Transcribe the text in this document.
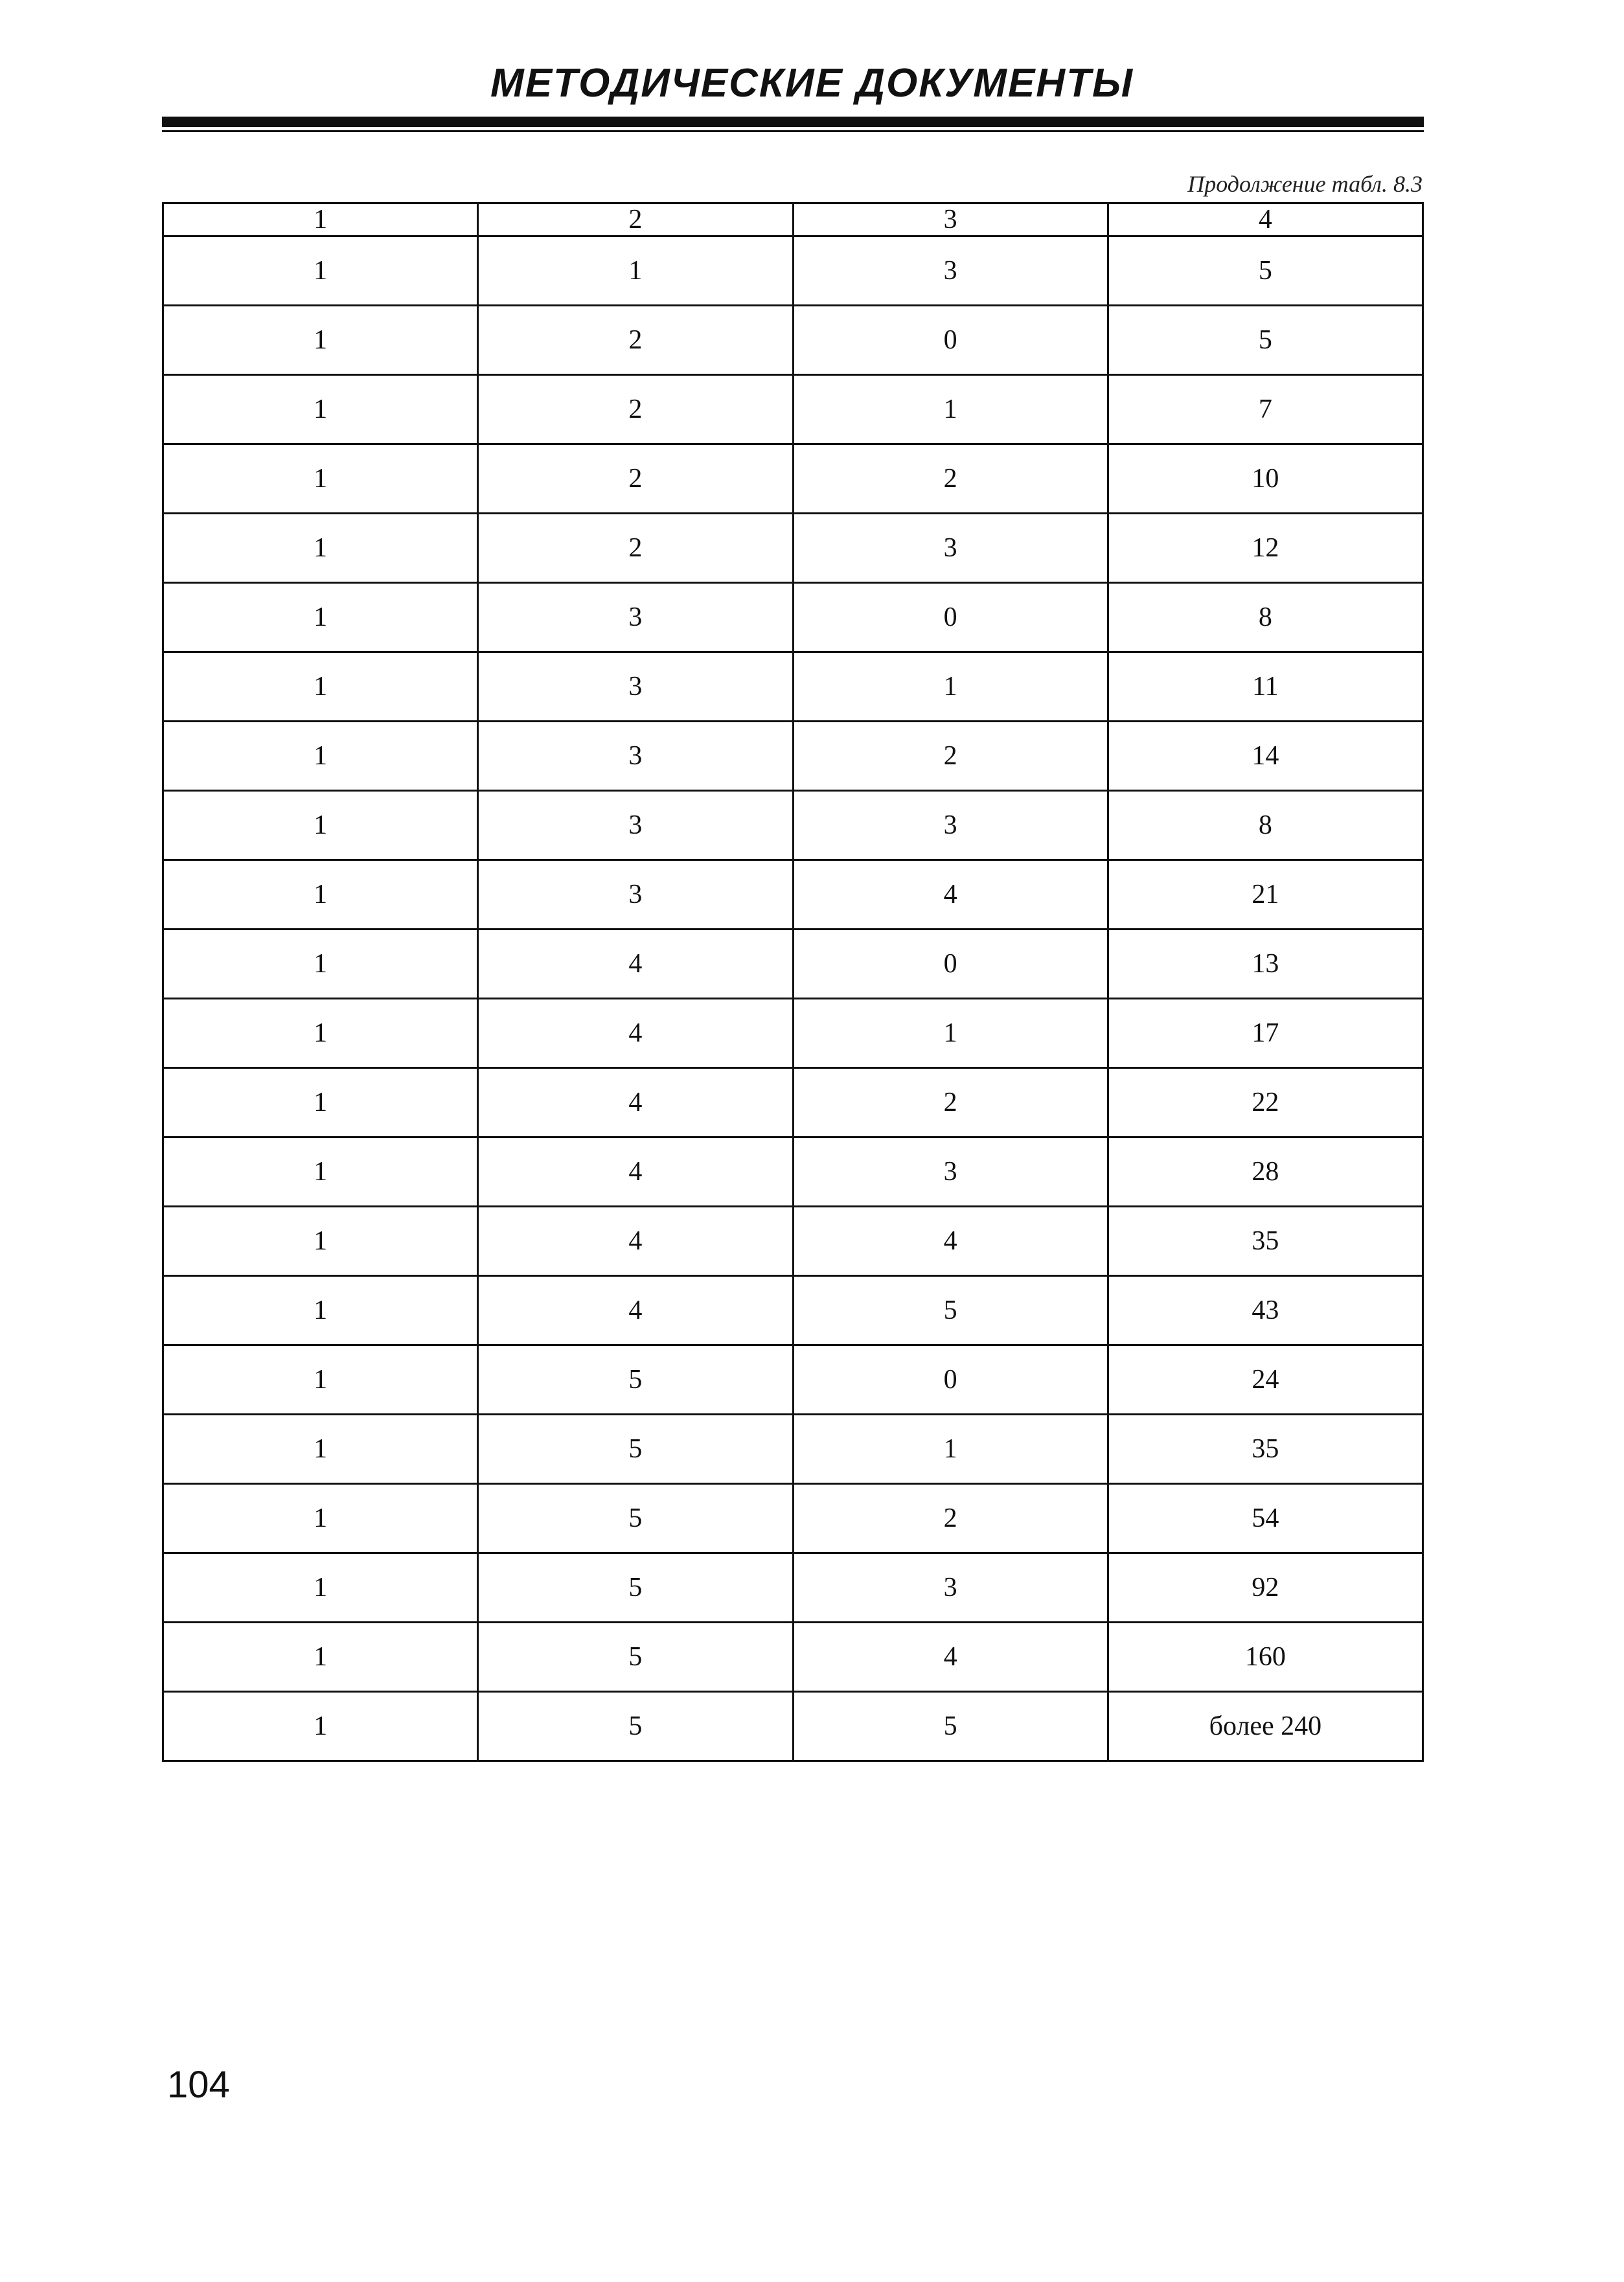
МЕТОДИЧЕСКИЕ ДОКУМЕНТЫ
Продолжение табл. 8.3
1	2	3	4
1	1	3	5
1	2	0	5
1	2	1	7
1	2	2	10
1	2	3	12
1	3	0	8
1	3	1	11
1	3	2	14
1	3	3	8
1	3	4	21
1	4	0	13
1	4	1	17
1	4	2	22
1	4	3	28
1	4	4	35
1	4	5	43
1	5	0	24
1	5	1	35
1	5	2	54
1	5	3	92
1	5	4	160
1	5	5	более 240
104
